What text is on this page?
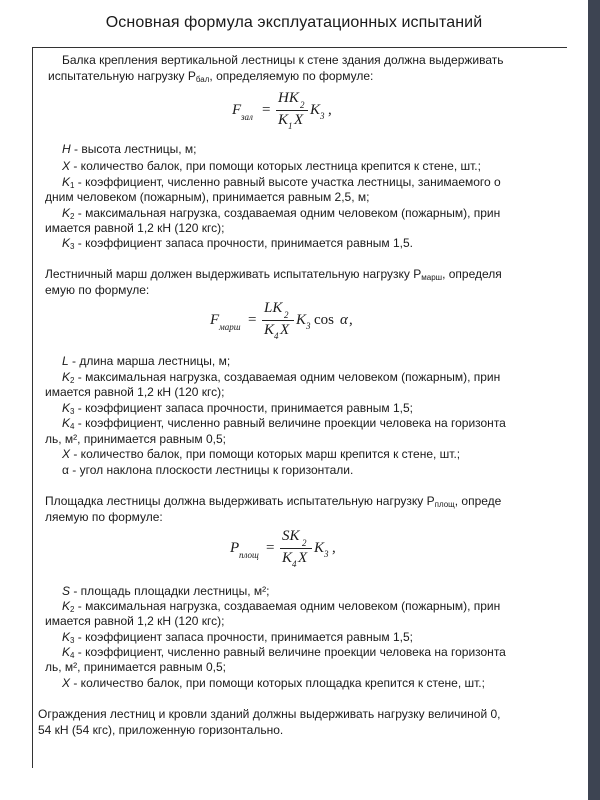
Основная формула эксплуатационных испытаний
Балка крепления вертикальной лестницы к стене здания должна выдерживать
испытательную нагрузку Pбал, определяемую по формуле:
F зал =
HK 2
K 1 X
K 3 ,
H - высота лестницы, м;
X - количество балок, при помощи которых лестница крепится к стене, шт.;
K1 - коэффициент, численно равный высоте участка лестницы, занимаемого о
дним человеком (пожарным), принимается равным 2,5, м;
K2 - максимальная нагрузка, создаваемая одним человеком (пожарным), прин
имается равной 1,2 кН (120 кгс);
K3 - коэффициент запаса прочности, принимается равным 1,5.
Лестничный марш должен выдерживать испытательную нагрузку Pмарш, определя
емую по формуле:
F марш =
LK 2
K 4 X
K 3 cos α ,
L - длина марша лестницы, м;
K2 - максимальная нагрузка, создаваемая одним человеком (пожарным), прин
имается равной 1,2 кН (120 кгс);
K3 - коэффициент запаса прочности, принимается равным 1,5;
K4 - коэффициент, численно равный величине проекции человека на горизонта
ль, м², принимается равным 0,5;
X - количество балок, при помощи которых марш крепится к стене, шт.;
α - угол наклона плоскости лестницы к горизонтали.
Площадка лестницы должна выдерживать испытательную нагрузку Pплощ, опреде
ляемую по формуле:
P площ =
SK 2
K 4 X
K 3 ,
S - площадь площадки лестницы, м²;
K2 - максимальная нагрузка, создаваемая одним человеком (пожарным), прин
имается равной 1,2 кН (120 кгс);
K3 - коэффициент запаса прочности, принимается равным 1,5;
K4 - коэффициент, численно равный величине проекции человека на горизонта
ль, м², принимается равным 0,5;
X - количество балок, при помощи которых площадка крепится к стене, шт.;
Ограждения лестниц и кровли зданий должны выдерживать нагрузку величиной 0,
54 кН (54 кгс), приложенную горизонтально.
